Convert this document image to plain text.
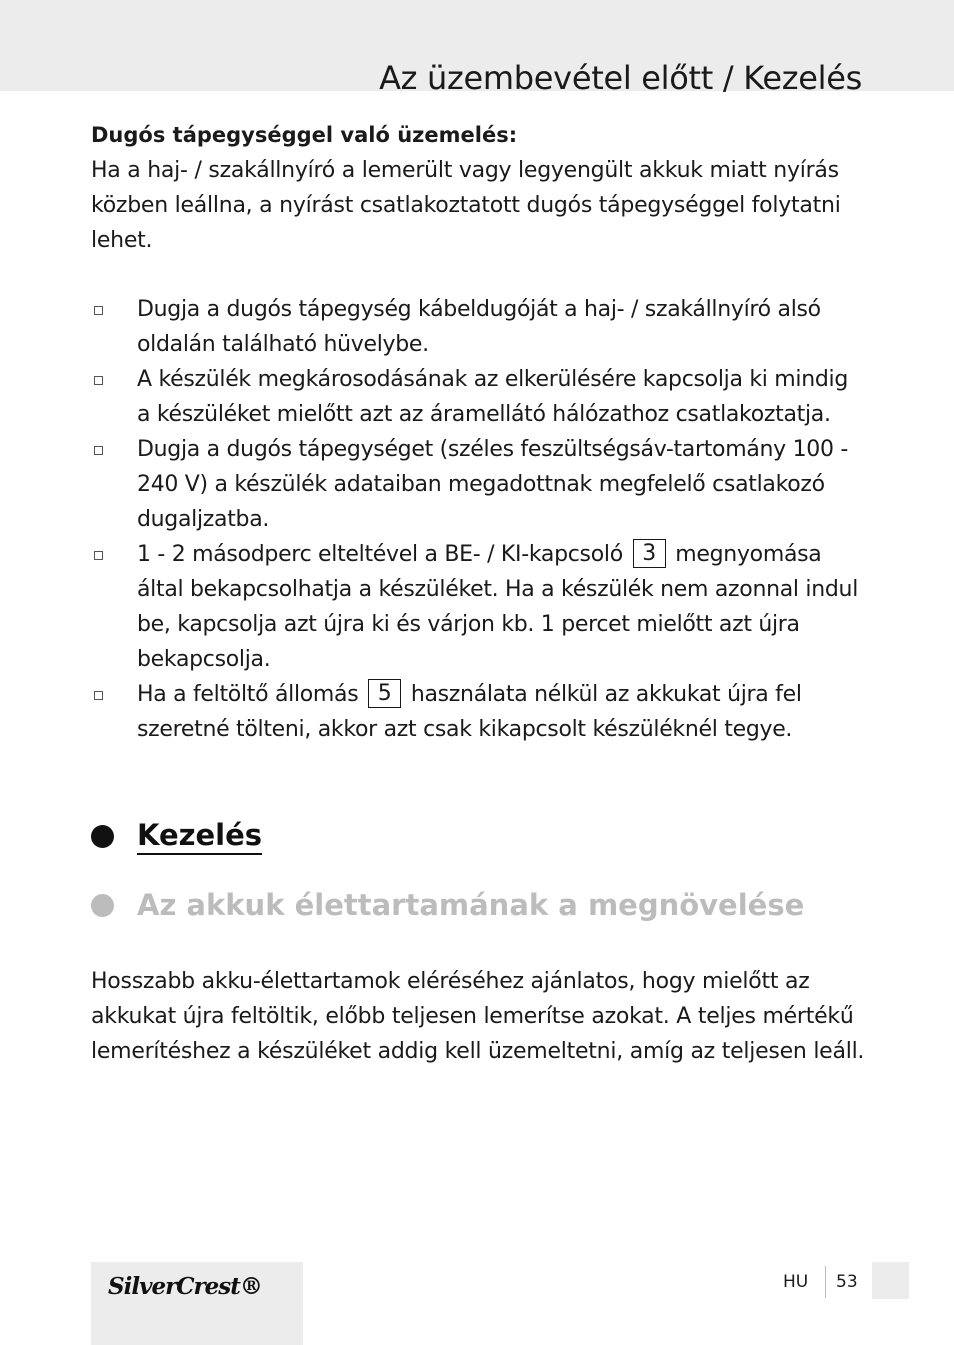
Az üzembevétel előtt / Kezelés

Dugós tápegységgel való üzemelés:

Ha a haj- / szakállnyíró a lemerült vagy legyengült akkuk miatt nyírás közben leállna, a nyírást csatlakoztatott dugós tápegységgel folytatni lehet.

Dugja a dugós tápegység kábeldugóját a haj- / szakállnyíró alsó oldalán található hüvelybe.
A készülék megkárosodásának az elkerülésére kapcsolja ki mindig a készüléket mielőtt azt az áramellátó hálózathoz csatlakoztatja.
Dugja a dugós tápegységet (széles feszültségsáv-tartomány 100 - 240 V) a készülék adataiban megadottnak megfelelő csatlakozó dugaljzatba.
1 - 2 másodperc elteltével a BE- / KI-kapcsoló 3 megnyomása által bekapcsolhatja a készüléket. Ha a készülék nem azonnal indul be, kapcsolja azt újra ki és várjon kb. 1 percet mielőtt azt újra bekapcsolja.
Ha a feltöltő állomás 5 használata nélkül az akkukat újra fel szeretné tölteni, akkor azt csak kikapcsolt készüléknél tegye.
Kezelés
Az akkuk élettartamának a megnövelése

Hosszabb akku-élettartamok eléréséhez ajánlatos, hogy mielőtt az akkukat újra feltöltik, előbb teljesen lemerítse azokat. A teljes mértékű lemerítéshez a készüléket addig kell üzemeltetni, amíg az teljesen leáll.

SilverCrest®	HU 53
